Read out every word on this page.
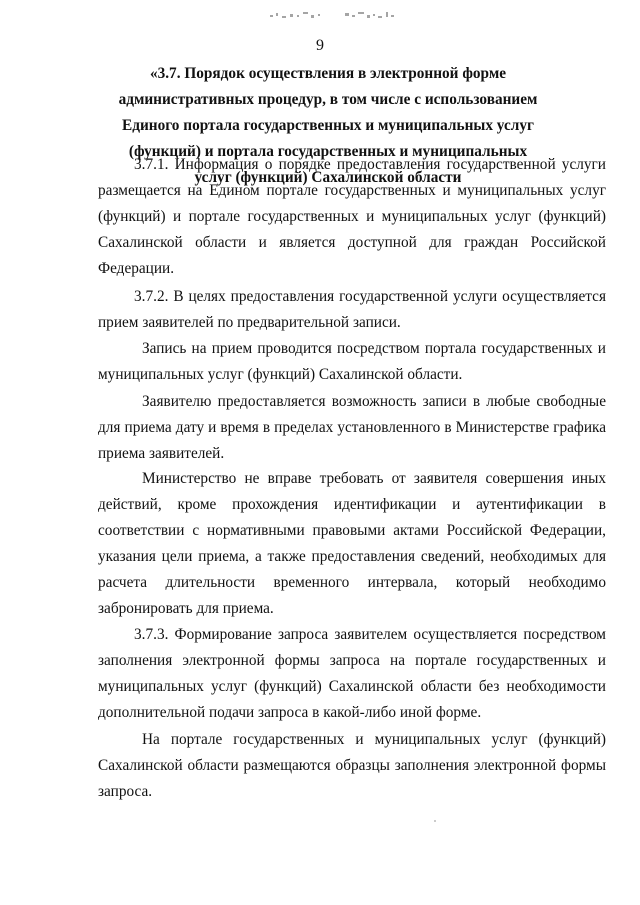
9
«3.7. Порядок осуществления в электронной форме
административных процедур, в том числе с использованием
Единого портала государственных и муниципальных услуг
(функций) и портала государственных и муниципальных
услуг (функций) Сахалинской области
3.7.1. Информация о порядке предоставления государственной услуги
размещается на Едином портале государственных и муниципальных услуг
(функций) и портале государственных и муниципальных услуг (функций)
Сахалинской области и является доступной для граждан Российской
Федерации.
3.7.2. В целях предоставления государственной услуги осуществляется
прием заявителей по предварительной записи.
Запись на прием проводится посредством портала государственных и
муниципальных услуг (функций) Сахалинской области.
Заявителю предоставляется возможность записи в любые свободные
для приема дату и время в пределах установленного в Министерстве графика
приема заявителей.
Министерство не вправе требовать от заявителя совершения иных
действий, кроме прохождения идентификации и аутентификации в
соответствии с нормативными правовыми актами Российской Федерации,
указания цели приема, а также предоставления сведений, необходимых для
расчета длительности временного интервала, который необходимо
забронировать для приема.
3.7.3. Формирование запроса заявителем осуществляется посредством
заполнения электронной формы запроса на портале государственных и
муниципальных услуг (функций) Сахалинской области без необходимости
дополнительной подачи запроса в какой-либо иной форме.
На портале государственных и муниципальных услуг (функций)
Сахалинской области размещаются образцы заполнения электронной формы
запроса.
